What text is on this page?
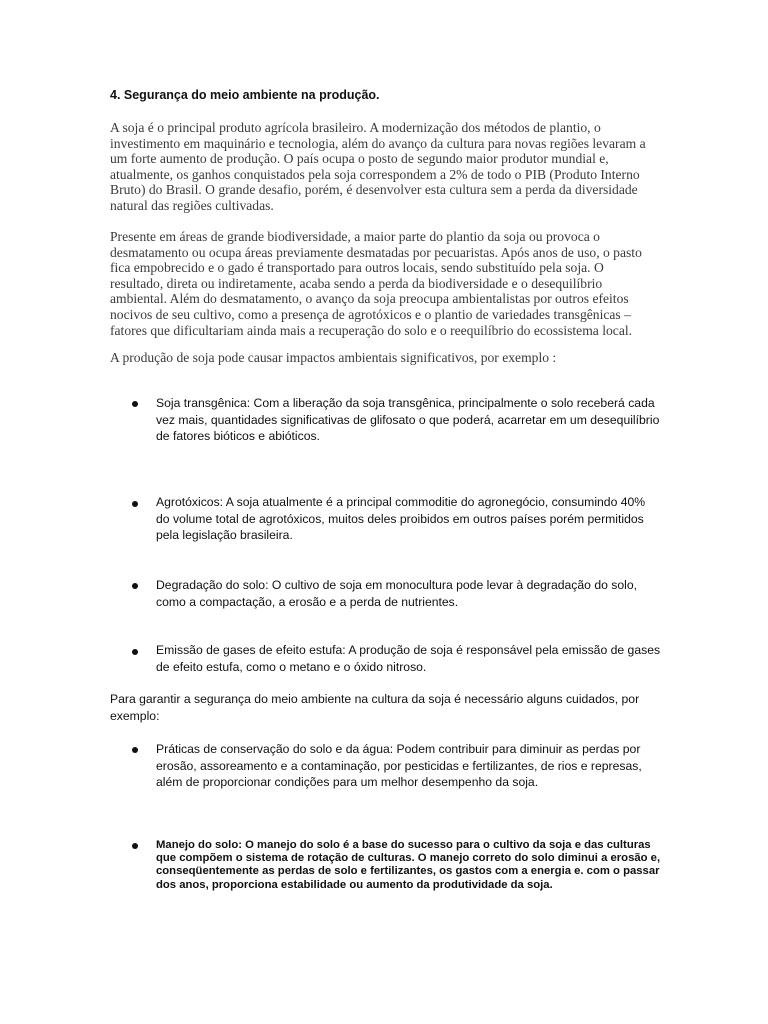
4. Segurança do meio ambiente na produção.

A soja é o principal produto agrícola brasileiro. A modernização dos métodos de plantio, o investimento em maquinário e tecnologia, além do avanço da cultura para novas regiões levaram a um forte aumento de produção. O país ocupa o posto de segundo maior produtor mundial e, atualmente, os ganhos conquistados pela soja correspondem a 2% de todo o PIB (Produto Interno Bruto) do Brasil. O grande desafio, porém, é desenvolver esta cultura sem a perda da diversidade natural das regiões cultivadas.

Presente em áreas de grande biodiversidade, a maior parte do plantio da soja ou provoca o desmatamento ou ocupa áreas previamente desmatadas por pecuaristas. Após anos de uso, o pasto fica empobrecido e o gado é transportado para outros locais, sendo substituído pela soja. O resultado, direta ou indiretamente, acaba sendo a perda da biodiversidade e o desequilíbrio ambiental. Além do desmatamento, o avanço da soja preocupa ambientalistas por outros efeitos nocivos de seu cultivo, como a presença de agrotóxicos e o plantio de variedades transgênicas – fatores que dificultariam ainda mais a recuperação do solo e o reequilíbrio do ecossistema local.

A produção de soja pode causar impactos ambientais significativos, por exemplo :

Soja transgênica: Com a liberação da soja transgênica, principalmente o solo receberá cada vez mais, quantidades significativas de glifosato o que poderá, acarretar em um desequilíbrio de fatores bióticos e abióticos.

Agrotóxicos: A soja atualmente é a principal commoditie do agronegócio, consumindo 40% do volume total de agrotóxicos, muitos deles proibidos em outros países porém permitidos pela legislação brasileira.

Degradação do solo: O cultivo de soja em monocultura pode levar à degradação do solo, como a compactação, a erosão e a perda de nutrientes.

Emissão de gases de efeito estufa: A produção de soja é responsável pela emissão de gases de efeito estufa, como o metano e o óxido nitroso.

Para garantir a segurança do meio ambiente na cultura da soja é necessário alguns cuidados, por exemplo:

Práticas de conservação do solo e da água: Podem contribuir para diminuir as perdas por erosão, assoreamento e a contaminação, por pesticidas e fertilizantes, de rios e represas, além de proporcionar condições para um melhor desempenho da soja.

Manejo do solo: O manejo do solo é a base do sucesso para o cultivo da soja e das culturas que compõem o sistema de rotação de culturas. O manejo correto do solo diminui a erosão e, conseqüentemente as perdas de solo e fertilizantes, os gastos com a energia e. com o passar dos anos, proporciona estabilidade ou aumento da produtividade da soja.
